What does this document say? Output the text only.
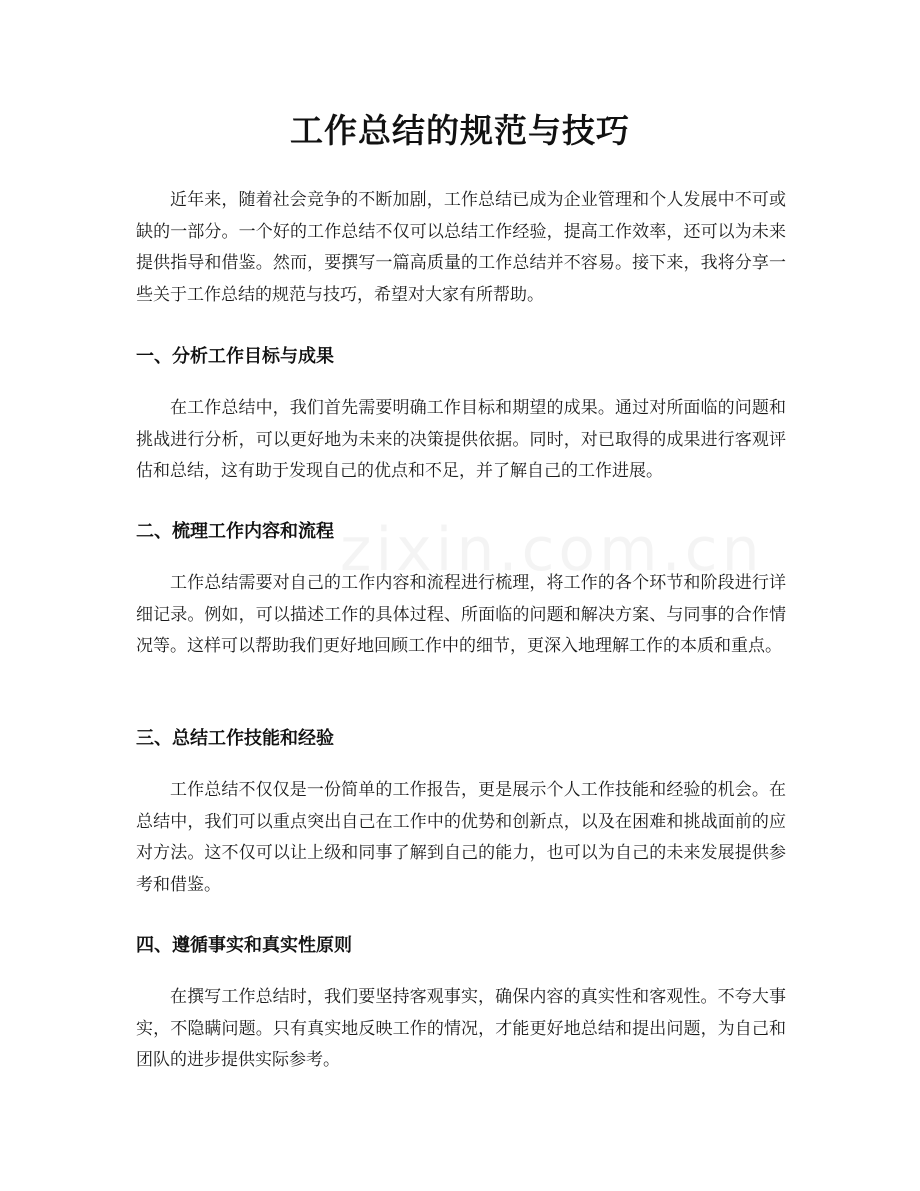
工作总结的规范与技巧

近年来，随着社会竞争的不断加剧，工作总结已成为企业管理和个人发展中不可或缺的一部分。一个好的工作总结不仅可以总结工作经验，提高工作效率，还可以为未来提供指导和借鉴。然而，要撰写一篇高质量的工作总结并不容易。接下来，我将分享一些关于工作总结的规范与技巧，希望对大家有所帮助。

一、分析工作目标与成果

在工作总结中，我们首先需要明确工作目标和期望的成果。通过对所面临的问题和挑战进行分析，可以更好地为未来的决策提供依据。同时，对已取得的成果进行客观评估和总结，这有助于发现自己的优点和不足，并了解自己的工作进展。

二、梳理工作内容和流程

工作总结需要对自己的工作内容和流程进行梳理，将工作的各个环节和阶段进行详细记录。例如，可以描述工作的具体过程、所面临的问题和解决方案、与同事的合作情况等。这样可以帮助我们更好地回顾工作中的细节，更深入地理解工作的本质和重点。

三、总结工作技能和经验

工作总结不仅仅是一份简单的工作报告，更是展示个人工作技能和经验的机会。在总结中，我们可以重点突出自己在工作中的优势和创新点，以及在困难和挑战面前的应对方法。这不仅可以让上级和同事了解到自己的能力，也可以为自己的未来发展提供参考和借鉴。

四、遵循事实和真实性原则

在撰写工作总结时，我们要坚持客观事实，确保内容的真实性和客观性。不夸大事实，不隐瞒问题。只有真实地反映工作的情况，才能更好地总结和提出问题，为自己和团队的进步提供实际参考。
